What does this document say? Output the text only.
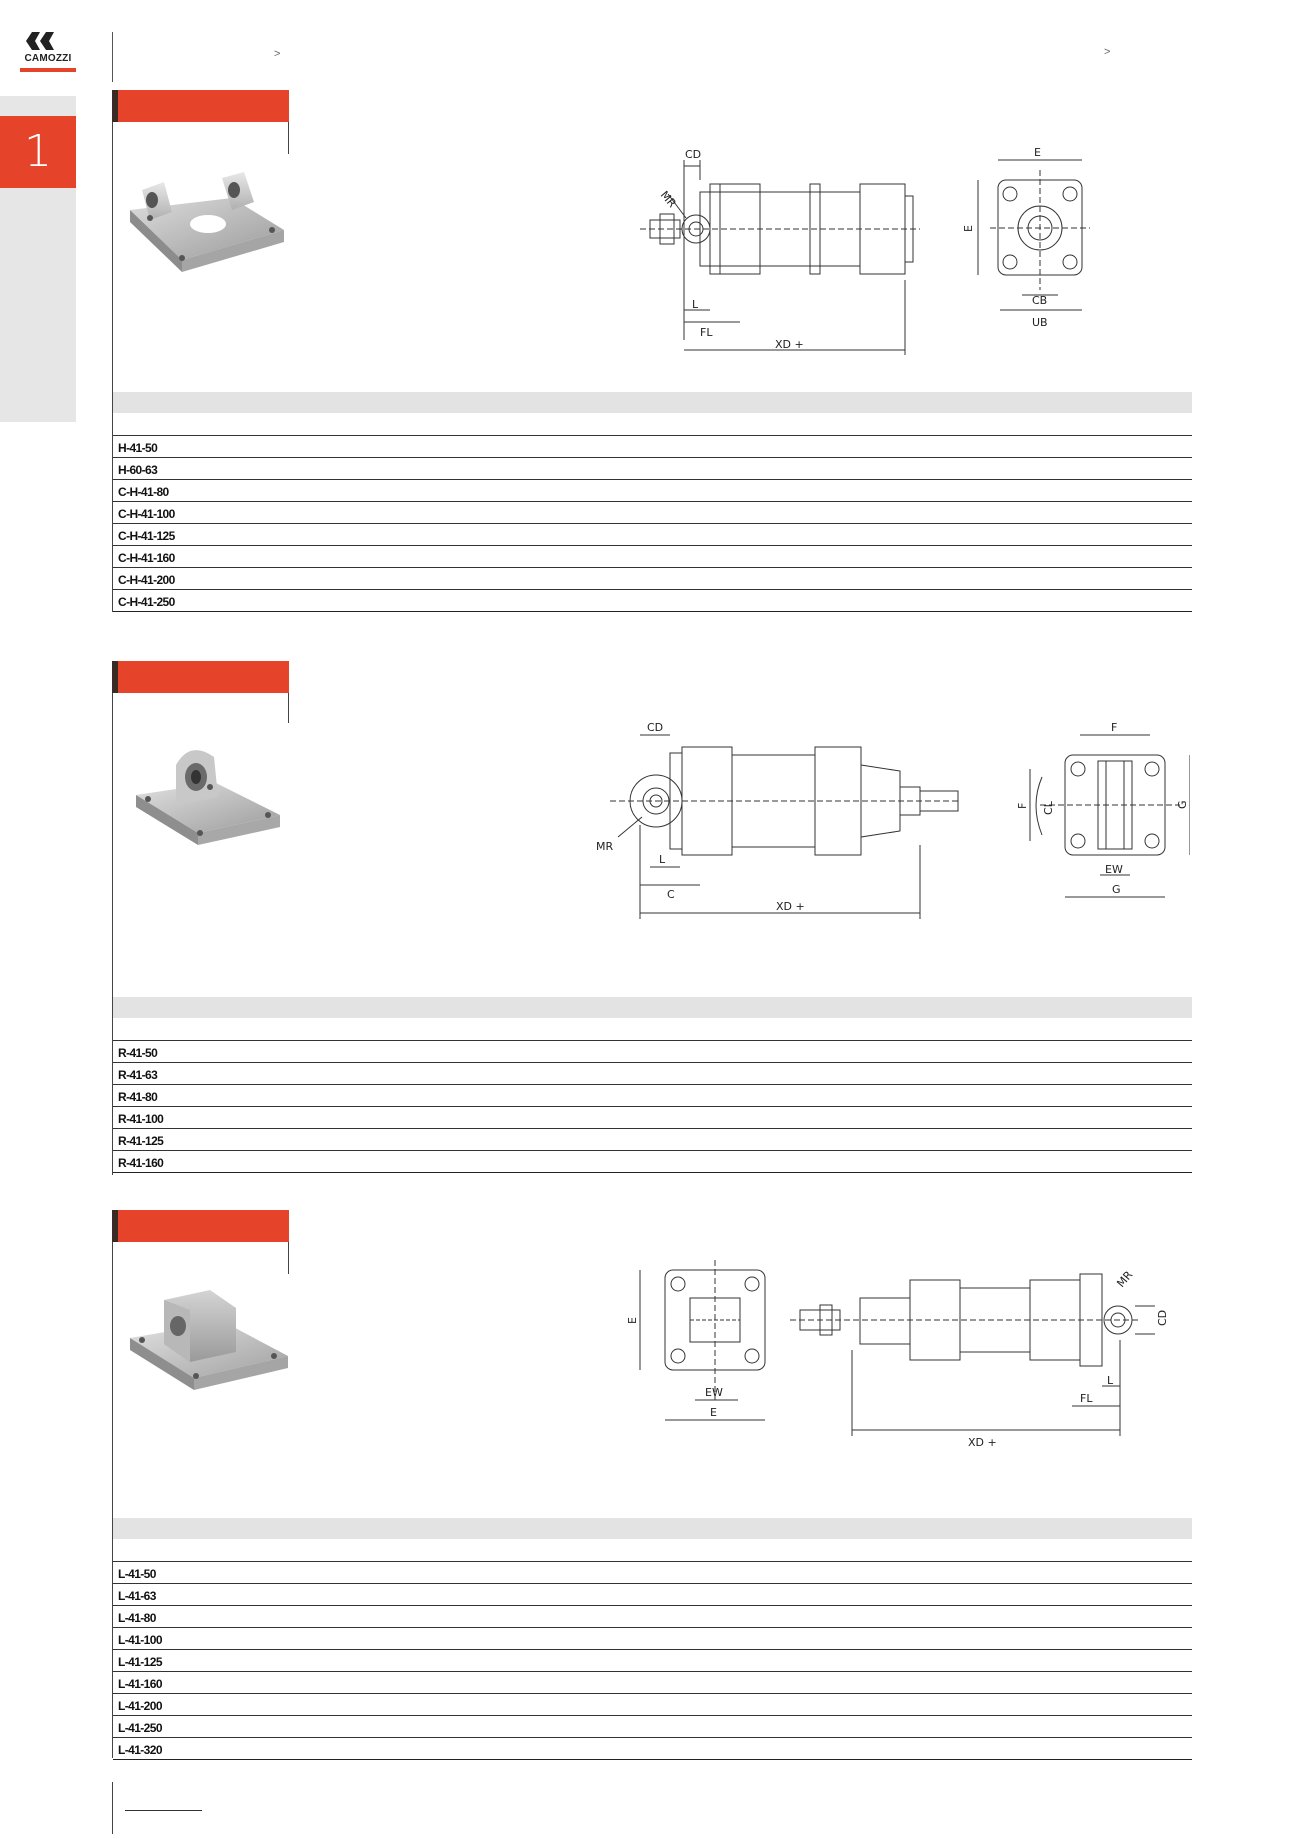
CAMOZZI
1
>	>
CD
MR
L
FL
XD +
E
E
CB
UB

H-41-50
H-60-63
C-H-41-80
C-H-41-100
C-H-41-125
C-H-41-160
C-H-41-200
C-H-41-250
CD
MR
L
C
XD +
F
F CL	G
EW
G

R-41-50
R-41-63
R-41-80
R-41-100
R-41-125
R-41-160
E
EW
E
MR
CD
L
FL
XD +

L-41-50
L-41-63
L-41-80
L-41-100
L-41-125
L-41-160
L-41-200
L-41-250
L-41-320
